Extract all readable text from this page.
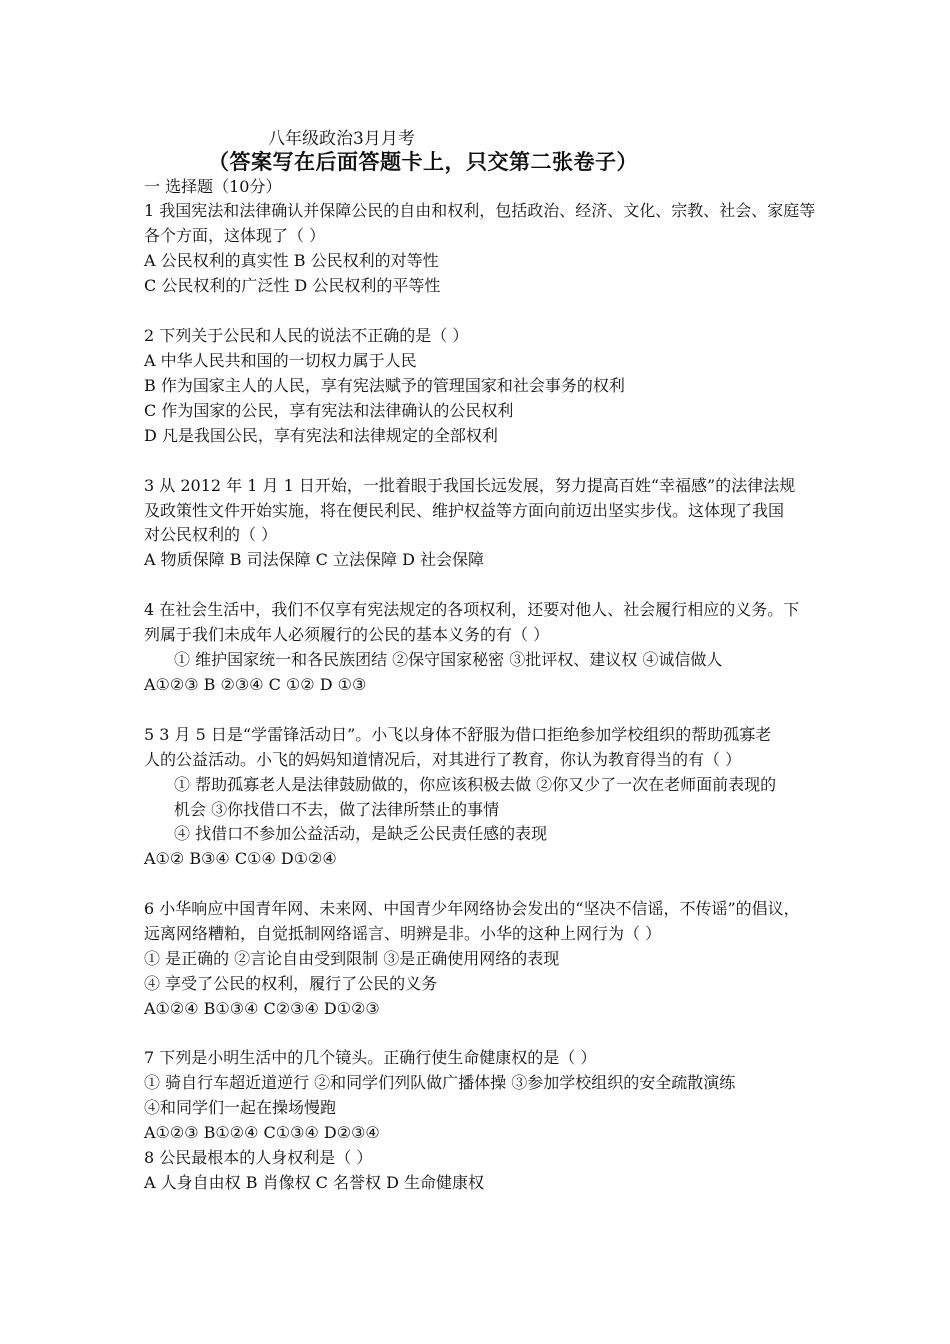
八年级政治3月月考
（答案写在后面答题卡上，只交第二张卷子）
一 选择题（10分）
1 我国宪法和法律确认并保障公民的自由和权利，包括政治、经济、文化、宗教、社会、家庭等
各个方面，这体现了（ ）
A 公民权利的真实性 B 公民权利的对等性
C 公民权利的广泛性 D 公民权利的平等性
2 下列关于公民和人民的说法不正确的是（ ）
A 中华人民共和国的一切权力属于人民
B 作为国家主人的人民，享有宪法赋予的管理国家和社会事务的权利
C 作为国家的公民，享有宪法和法律确认的公民权利
D 凡是我国公民，享有宪法和法律规定的全部权利
3 从 2012 年 1 月 1 日开始，一批着眼于我国长远发展，努力提高百姓“幸福感”的法律法规
及政策性文件开始实施，将在便民利民、维护权益等方面向前迈出坚实步伐。这体现了我国
对公民权利的（ ）
A 物质保障 B 司法保障 C 立法保障 D 社会保障
4 在社会生活中，我们不仅享有宪法规定的各项权利，还要对他人、社会履行相应的义务。下
列属于我们未成年人必须履行的公民的基本义务的有（ ）
① 维护国家统一和各民族团结 ②保守国家秘密 ③批评权、建议权 ④诚信做人
A①②③ B ②③④ C ①② D ①③
5 3 月 5 日是“学雷锋活动日”。小飞以身体不舒服为借口拒绝参加学校组织的帮助孤寡老
人的公益活动。小飞的妈妈知道情况后，对其进行了教育，你认为教育得当的有（ ）
① 帮助孤寡老人是法律鼓励做的，你应该积极去做 ②你又少了一次在老师面前表现的
机会 ③你找借口不去，做了法律所禁止的事情
④ 找借口不参加公益活动，是缺乏公民责任感的表现
A①② B③④ C①④ D①②④
6 小华响应中国青年网、未来网、中国青少年网络协会发出的“坚决不信谣，不传谣”的倡议，
远离网络糟粕，自觉抵制网络谣言、明辨是非。小华的这种上网行为（ ）
① 是正确的 ②言论自由受到限制 ③是正确使用网络的表现
④ 享受了公民的权利，履行了公民的义务
A①②④ B①③④ C②③④ D①②③
7 下列是小明生活中的几个镜头。正确行使生命健康权的是（ ）
① 骑自行车超近道逆行 ②和同学们列队做广播体操 ③参加学校组织的安全疏散演练
④和同学们一起在操场慢跑
A①②③ B①②④ C①③④ D②③④
8 公民最根本的人身权利是（ ）
A 人身自由权 B 肖像权 C 名誉权 D 生命健康权
